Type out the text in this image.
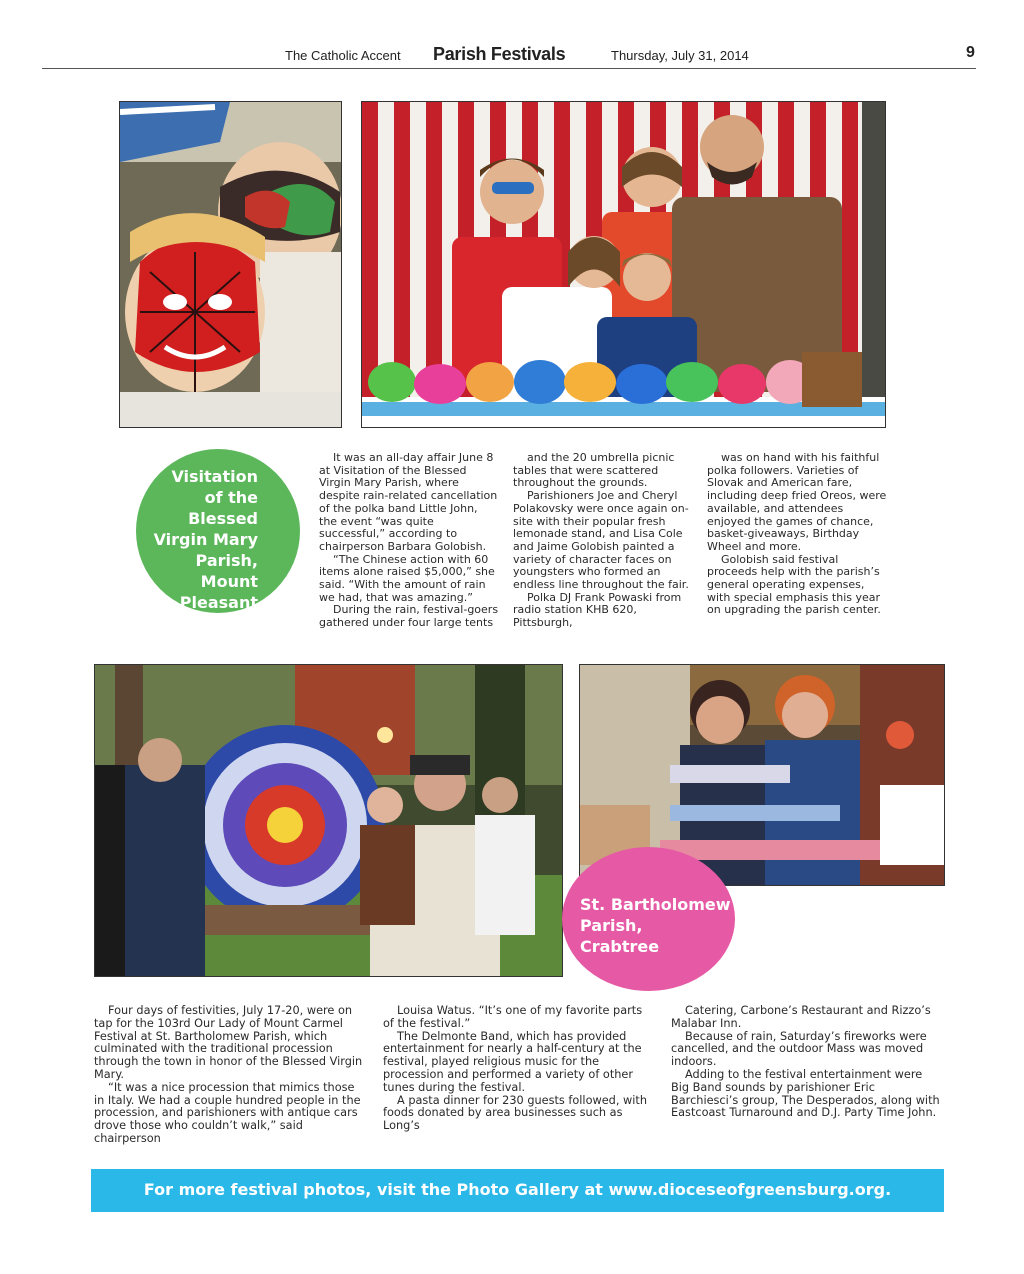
The Catholic Accent Parish Festivals	Thursday, July 31, 2014	9
Visitation
of the Blessed
Virgin Mary
Parish,
Mount
Pleasant

It was an all-day affair June 8 at Visitation of the Blessed Virgin Mary Parish, where despite rain-related cancellation of the polka band Little John, the event “was quite successful,” according to chairperson Barbara Golobish.

“The Chinese action with 60 items alone raised $5,000,” she said. “With the amount of rain we had, that was amazing.”

During the rain, festival-goers gathered under four large tents

and the 20 umbrella picnic tables that were scattered throughout the grounds.

Parishioners Joe and Cheryl Polakovsky were once again on-site with their popular fresh lemonade stand, and Lisa Cole and Jaime Golobish painted a variety of character faces on youngsters who formed an endless line throughout the fair.

Polka DJ Frank Powaski from radio station KHB 620, Pittsburgh,

was on hand with his faithful polka followers. Varieties of Slovak and American fare, including deep fried Oreos, were available, and attendees enjoyed the games of chance, basket-giveaways, Birthday Wheel and more.

Golobish said festival proceeds help with the parish’s general operating expenses, with special emphasis this year on upgrading the parish center.

St. Bartholomew
Parish,
Crabtree

Four days of festivities, July 17-20, were on tap for the 103rd Our Lady of Mount Carmel Festival at St. Bartholomew Parish, which culminated with the traditional procession through the town in honor of the Blessed Virgin Mary.

“It was a nice procession that mimics those in Italy. We had a couple hundred people in the procession, and parishioners with antique cars drove those who couldn’t walk,” said chairperson

Louisa Watus. “It’s one of my favorite parts of the festival.”

The Delmonte Band, which has provided entertainment for nearly a half-century at the festival, played religious music for the procession and performed a variety of other tunes during the festival.

A pasta dinner for 230 guests followed, with foods donated by area businesses such as Long’s

Catering, Carbone’s Restaurant and Rizzo’s Malabar Inn.

Because of rain, Saturday’s fireworks were cancelled, and the outdoor Mass was moved indoors.

Adding to the festival entertainment were Big Band sounds by parishioner Eric Barchiesci’s group, The Desperados, along with Eastcoast Turnaround and D.J. Party Time John.

For more festival photos, visit the Photo Gallery at www.dioceseofgreensburg.org.
